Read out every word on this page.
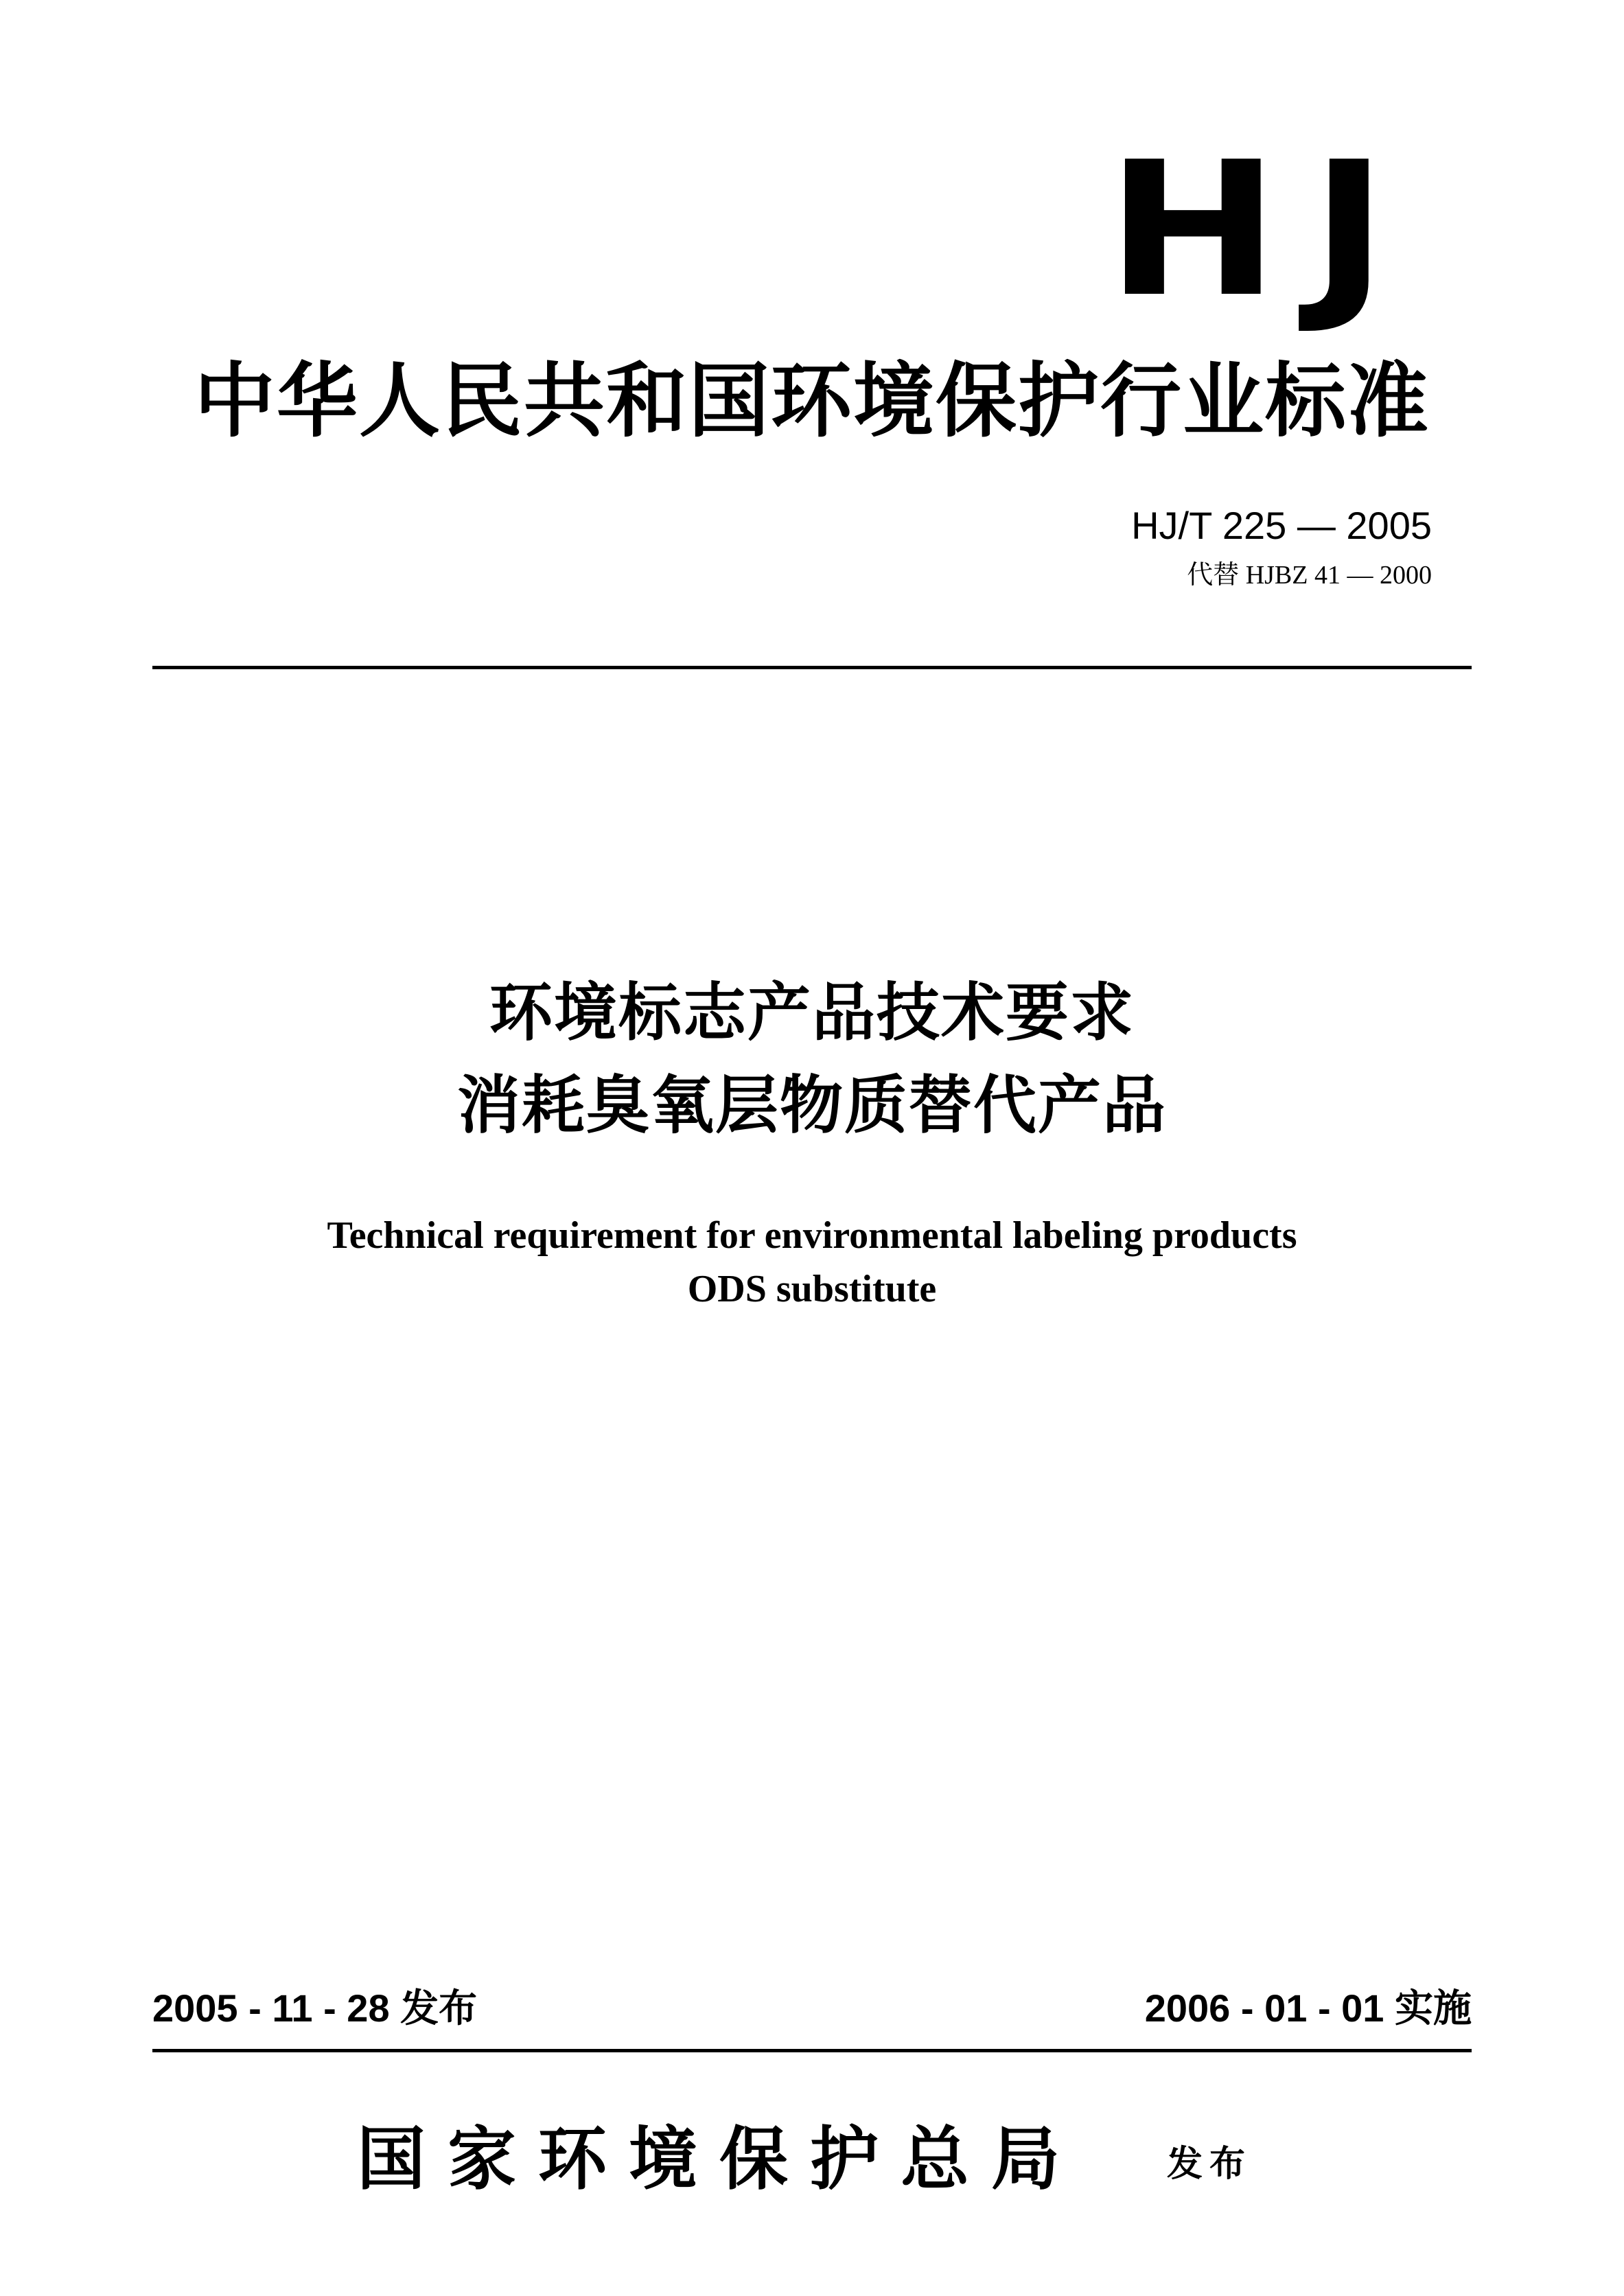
HJ
中华人民共和国环境保护行业标准
HJ/T 225 — 2005
代替 HJBZ 41 — 2000
环境标志产品技术要求
消耗臭氧层物质替代产品
Technical requirement for environmental labeling products
ODS substitute
2005 - 11 - 28 发布	2006 - 01 - 01 实施
国家环境保护总局 发布
